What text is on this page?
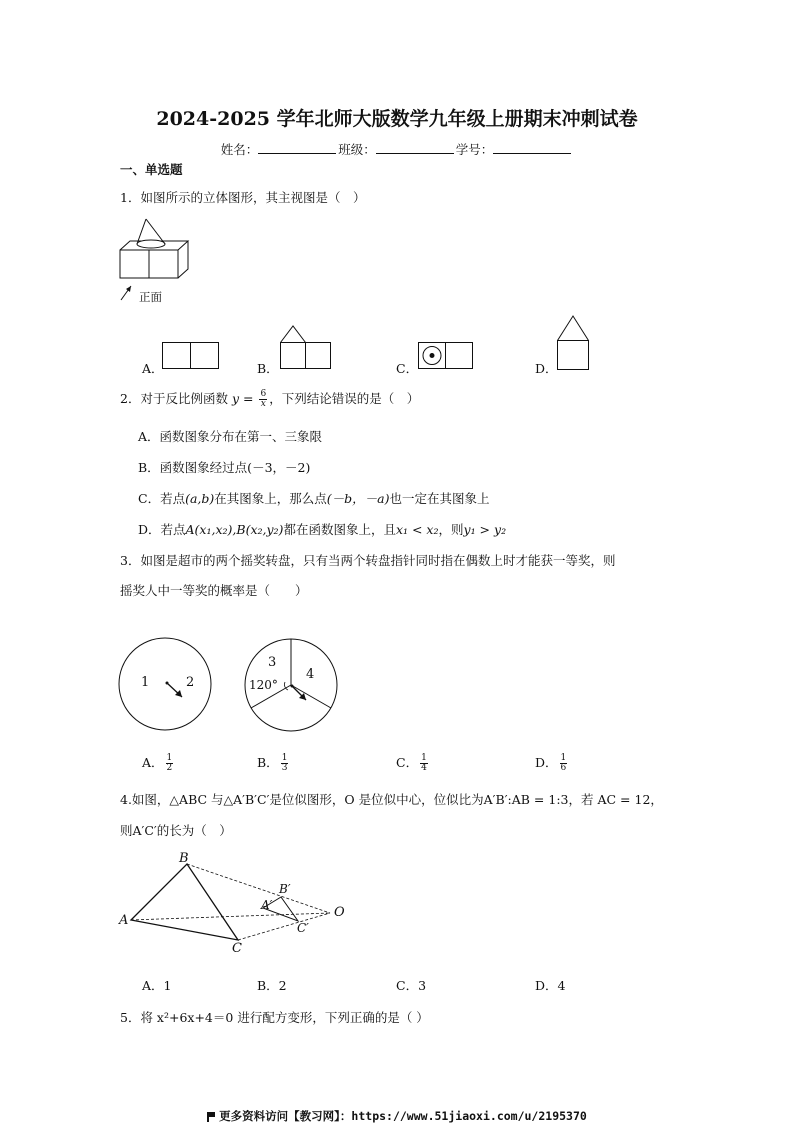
2024-2025 学年北师大版数学九年级上册期末冲刺试卷
姓名：	班级：	学号：
一、单选题
1．如图所示的立体图形，其主视图是（　）
正面
A．	B．	C．	D．
2．对于反比例函数 $y = \frac{6}{x}$ ，下列结论错误的是（　）
A．函数图象分布在第一、三象限
B．函数图象经过点(－3，－2)
C．若点(a,b)在其图象上，那么点(－b，－a)也一定在其图象上
D．若点A(x₁,x₂),B(x₂,y₂)都在函数图象上，且x₁ < x₂，则y₁ > y₂
3．如图是超市的两个摇奖转盘，只有当两个转盘指针同时指在偶数上时才能获一等奖，则
摇奖人中一等奖的概率是（　　）
1	2
3
4
120°
A． $\frac{1}{2}$	B． $\frac{1}{3}$	C． $\frac{1}{4}$	D． $\frac{1}{6}$
4.如图，△ABC 与△A′B′C′是位似图形，O 是位似中心，位似比为A′B′:AB = 1:3，若 AC = 12，
则A′C′的长为（　）
B
A
C
B′
A′
C′
O
A．1	B．2	C．3	D．4
5．将 x²+6x+4＝0 进行配方变形，下列正确的是（ ）
更多资料访问【教习网】：https://www.51jiaoxi.com/u/2195370
